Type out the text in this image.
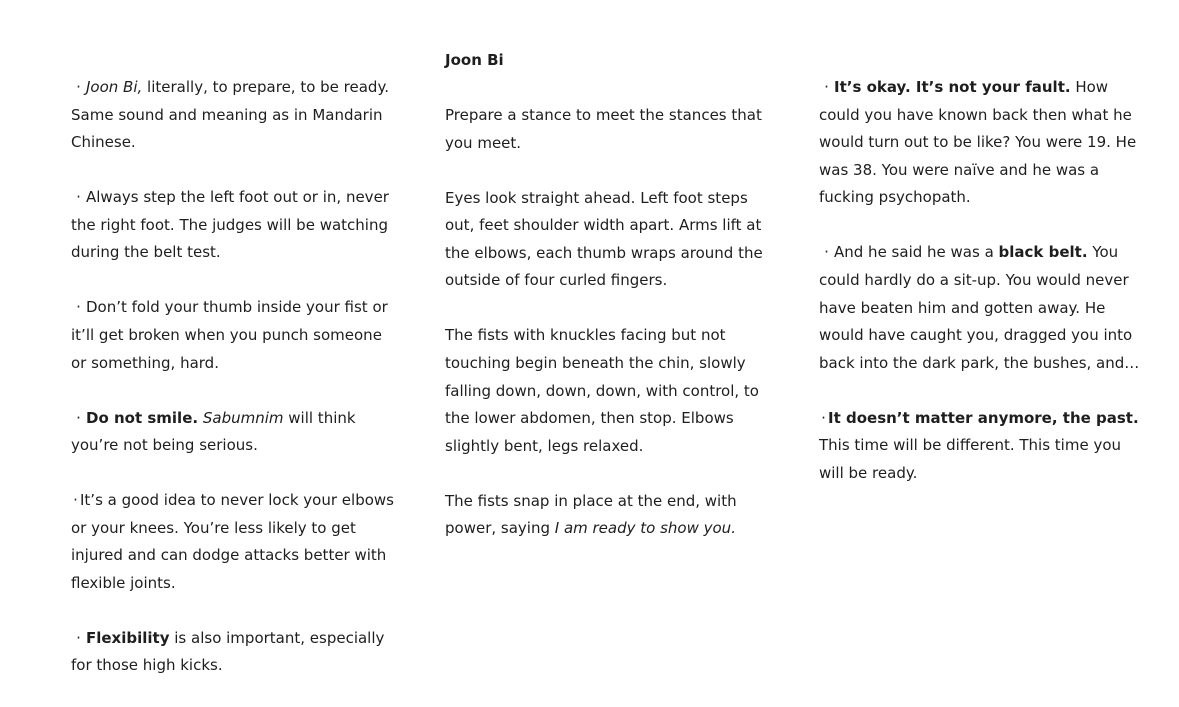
· Joon Bi, literally, to prepare, to be ready. Same sound and meaning as in Mandarin Chinese.

· Always step the left foot out or in, never the right foot. The judges will be watching during the belt test.

· Don’t fold your thumb inside your fist or it’ll get broken when you punch someone or something, hard.

· Do not smile. Sabumnim will think you’re not being serious.

· It’s a good idea to never lock your elbows or your knees. You’re less likely to get injured and can dodge attacks better with flexible joints.

· Flexibility is also important, especially for those high kicks.

Joon Bi

Prepare a stance to meet the stances that you meet.

Eyes look straight ahead. Left foot steps out, feet shoulder width apart. Arms lift at the elbows, each thumb wraps around the outside of four curled fingers.

The fists with knuckles facing but not touching begin beneath the chin, slowly falling down, down, down, with control, to the lower abdomen, then stop. Elbows slightly bent, legs relaxed.

The fists snap in place at the end, with power, saying I am ready to show you.

· It’s okay. It’s not your fault. How could you have known back then what he would turn out to be like? You were 19. He was 38. You were naïve and he was a fucking psychopath.

· And he said he was a black belt. You could hardly do a sit-up. You would never have beaten him and gotten away. He would have caught you, dragged you into back into the dark park, the bushes, and…

· It doesn’t matter anymore, the past. This time will be different. This time you will be ready.
